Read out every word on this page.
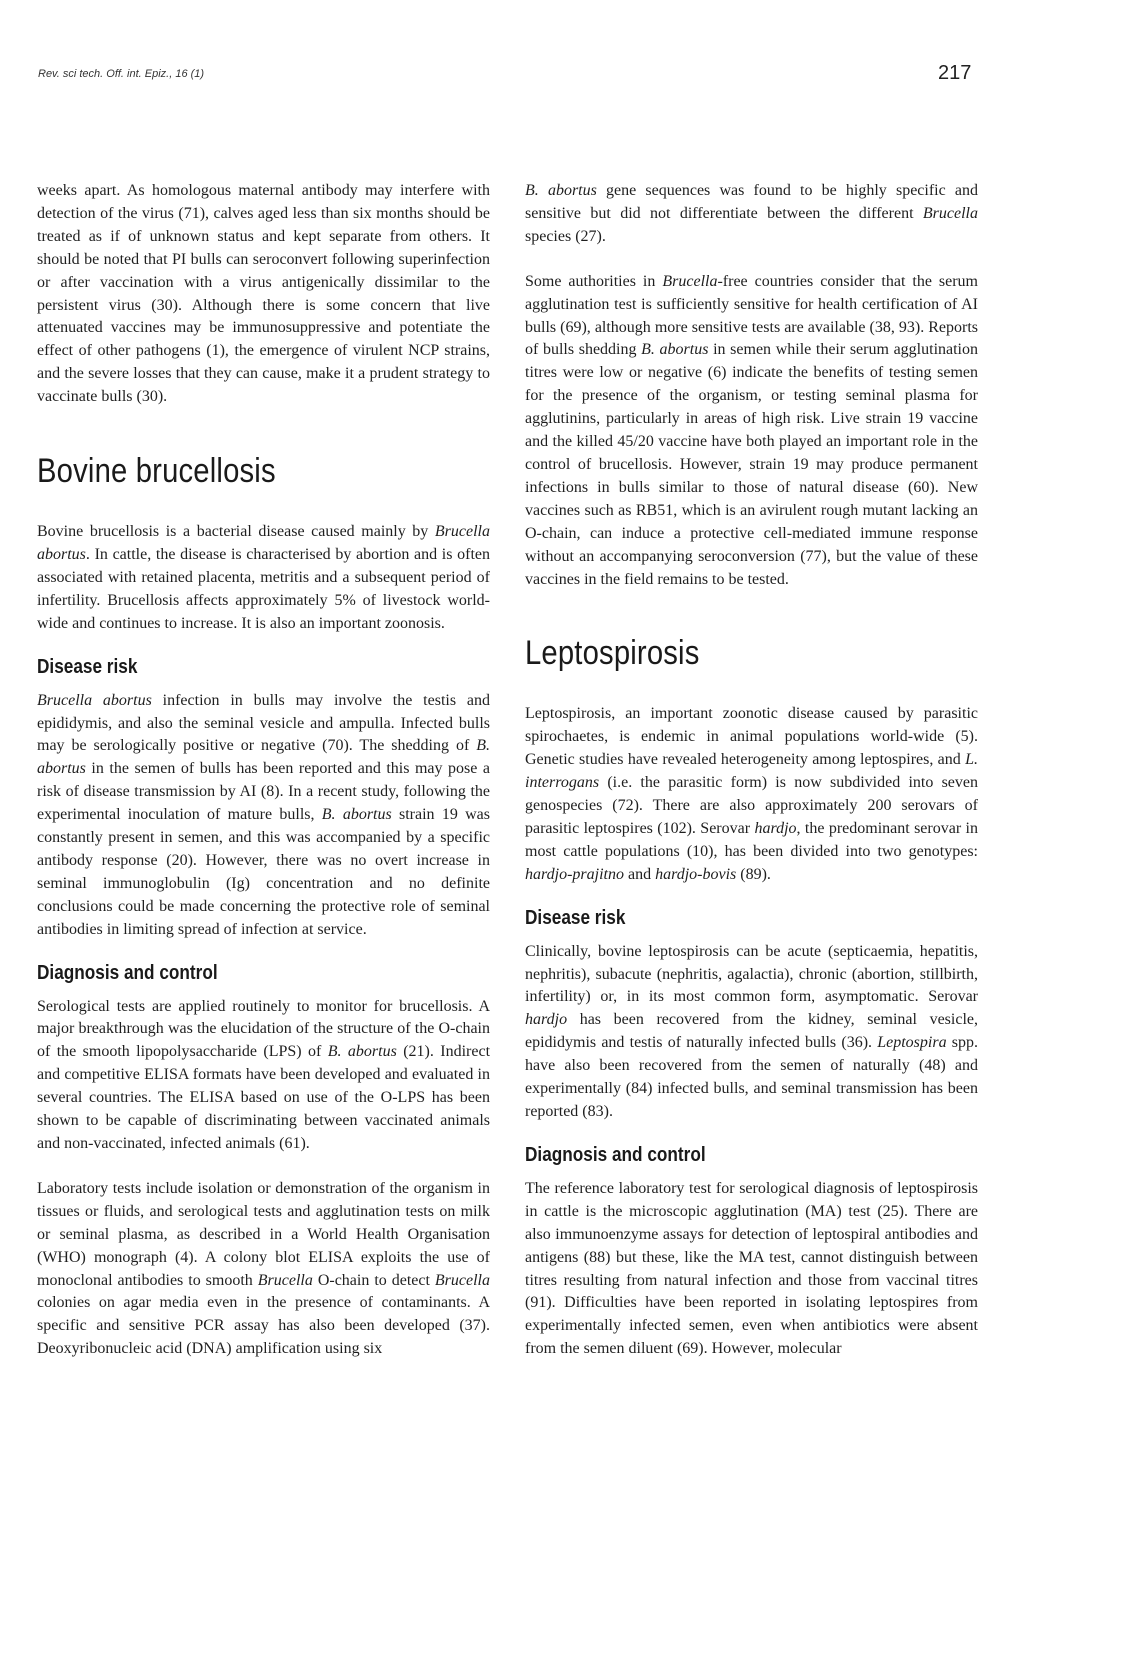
Rev. sci tech. Off. int. Epiz., 16 (1)	217

weeks apart. As homologous maternal antibody may interfere with detection of the virus (71), calves aged less than six months should be treated as if of unknown status and kept separate from others. It should be noted that PI bulls can seroconvert following superinfection or after vaccination with a virus antigenically dissimilar to the persistent virus (30). Although there is some concern that live attenuated vaccines may be immunosuppressive and potentiate the effect of other pathogens (1), the emergence of virulent NCP strains, and the severe losses that they can cause, make it a prudent strategy to vaccinate bulls (30).

Bovine brucellosis

Bovine brucellosis is a bacterial disease caused mainly by Brucella abortus. In cattle, the disease is characterised by abortion and is often associated with retained placenta, metritis and a subsequent period of infertility. Brucellosis affects approximately 5% of livestock world-wide and continues to increase. It is also an important zoonosis.

Disease risk

Brucella abortus infection in bulls may involve the testis and epididymis, and also the seminal vesicle and ampulla. Infected bulls may be serologically positive or negative (70). The shedding of B. abortus in the semen of bulls has been reported and this may pose a risk of disease transmission by AI (8). In a recent study, following the experimental inoculation of mature bulls, B. abortus strain 19 was constantly present in semen, and this was accompanied by a specific antibody response (20). However, there was no overt increase in seminal immunoglobulin (Ig) concentration and no definite conclusions could be made concerning the protective role of seminal antibodies in limiting spread of infection at service.

Diagnosis and control

Serological tests are applied routinely to monitor for brucellosis. A major breakthrough was the elucidation of the structure of the O-chain of the smooth lipopolysaccharide (LPS) of B. abortus (21). Indirect and competitive ELISA formats have been developed and evaluated in several countries. The ELISA based on use of the O-LPS has been shown to be capable of discriminating between vaccinated animals and non-vaccinated, infected animals (61).

Laboratory tests include isolation or demonstration of the organism in tissues or fluids, and serological tests and agglutination tests on milk or seminal plasma, as described in a World Health Organisation (WHO) monograph (4). A colony blot ELISA exploits the use of monoclonal antibodies to smooth Brucella O-chain to detect Brucella colonies on agar media even in the presence of contaminants. A specific and sensitive PCR assay has also been developed (37). Deoxyribonucleic acid (DNA) amplification using six

B. abortus gene sequences was found to be highly specific and sensitive but did not differentiate between the different Brucella species (27).

Some authorities in Brucella-free countries consider that the serum agglutination test is sufficiently sensitive for health certification of AI bulls (69), although more sensitive tests are available (38, 93). Reports of bulls shedding B. abortus in semen while their serum agglutination titres were low or negative (6) indicate the benefits of testing semen for the presence of the organism, or testing seminal plasma for agglutinins, particularly in areas of high risk. Live strain 19 vaccine and the killed 45/20 vaccine have both played an important role in the control of brucellosis. However, strain 19 may produce permanent infections in bulls similar to those of natural disease (60). New vaccines such as RB51, which is an avirulent rough mutant lacking an O-chain, can induce a protective cell-mediated immune response without an accompanying seroconversion (77), but the value of these vaccines in the field remains to be tested.

Leptospirosis

Leptospirosis, an important zoonotic disease caused by parasitic spirochaetes, is endemic in animal populations world-wide (5). Genetic studies have revealed heterogeneity among leptospires, and L. interrogans (i.e. the parasitic form) is now subdivided into seven genospecies (72). There are also approximately 200 serovars of parasitic leptospires (102). Serovar hardjo, the predominant serovar in most cattle populations (10), has been divided into two genotypes: hardjo-prajitno and hardjo-bovis (89).

Disease risk

Clinically, bovine leptospirosis can be acute (septicaemia, hepatitis, nephritis), subacute (nephritis, agalactia), chronic (abortion, stillbirth, infertility) or, in its most common form, asymptomatic. Serovar hardjo has been recovered from the kidney, seminal vesicle, epididymis and testis of naturally infected bulls (36). Leptospira spp. have also been recovered from the semen of naturally (48) and experimentally (84) infected bulls, and seminal transmission has been reported (83).

Diagnosis and control

The reference laboratory test for serological diagnosis of leptospirosis in cattle is the microscopic agglutination (MA) test (25). There are also immunoenzyme assays for detection of leptospiral antibodies and antigens (88) but these, like the MA test, cannot distinguish between titres resulting from natural infection and those from vaccinal titres (91). Difficulties have been reported in isolating leptospires from experimentally infected semen, even when antibiotics were absent from the semen diluent (69). However, molecular
